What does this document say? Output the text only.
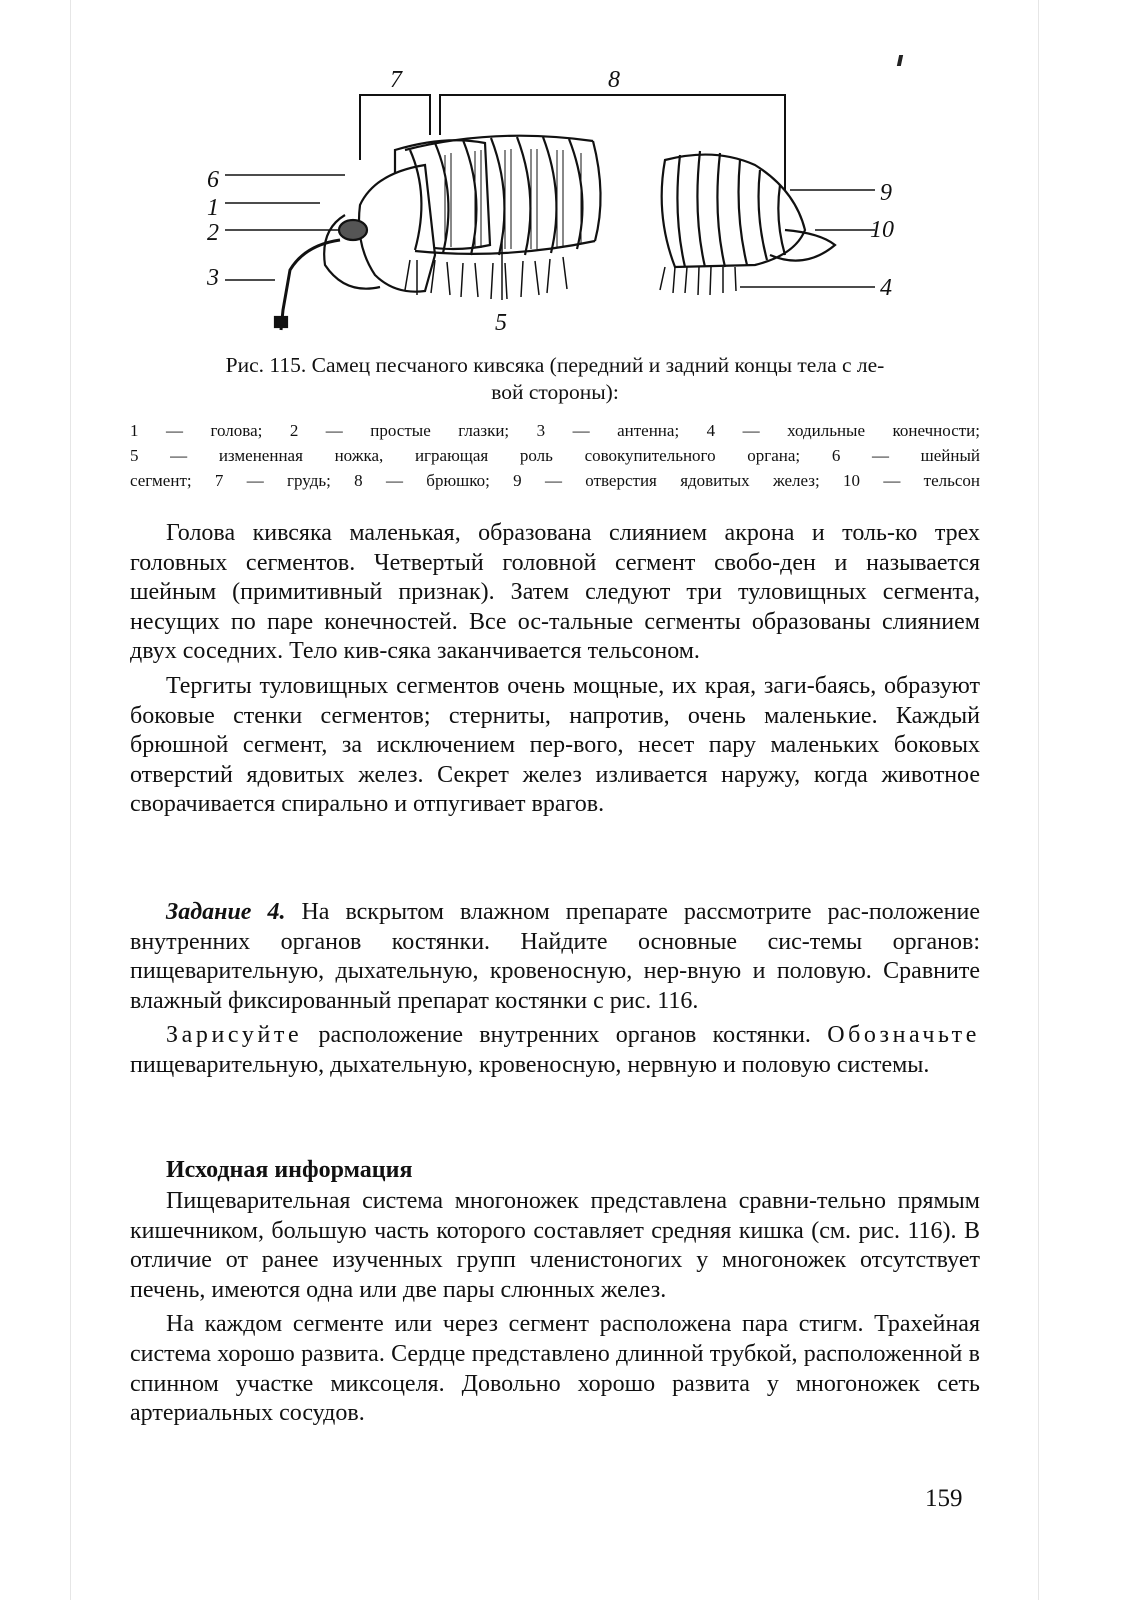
7	8
6
1
2
3
5
9
10
4
Рис. 115. Самец песчаного кивсяка (передний и задний концы тела с ле-
вой стороны):
1 — голова; 2 — простые глазки; 3 — антенна; 4 — ходильные конечности;
5 — измененная ножка, играющая роль совокупительного органа; 6 — шейный
сегмент; 7 — грудь; 8 — брюшко; 9 — отверстия ядовитых желез; 10 — тельсон

Голова кивсяка маленькая, образована слиянием акрона и толь-ко трех головных сегментов. Четвертый головной сегмент свобо-ден и называется шейным (примитивный признак). Затем следуют три туловищных сегмента, несущих по паре конечностей. Все ос-тальные сегменты образованы слиянием двух соседних. Тело кив-сяка заканчивается тельсоном.

Тергиты туловищных сегментов очень мощные, их края, заги-баясь, образуют боковые стенки сегментов; стерниты, напротив, очень маленькие. Каждый брюшной сегмент, за исключением пер-вого, несет пару маленьких боковых отверстий ядовитых желез. Секрет желез изливается наружу, когда животное сворачивается спирально и отпугивает врагов.

Задание 4. На вскрытом влажном препарате рассмотрите рас-положение внутренних органов костянки. Найдите основные сис-темы органов: пищеварительную, дыхательную, кровеносную, нер-вную и половую. Сравните влажный фиксированный препарат костянки с рис. 116.

Зарисуйте расположение внутренних органов костянки. Обозначьте пищеварительную, дыхательную, кровеносную, нервную и половую системы.

Исходная информация

Пищеварительная система многоножек представлена сравни-тельно прямым кишечником, большую часть которого составляет средняя кишка (см. рис. 116). В отличие от ранее изученных групп членистоногих у многоножек отсутствует печень, имеются одна или две пары слюнных желез.

На каждом сегменте или через сегмент расположена пара стигм. Трахейная система хорошо развита. Сердце представлено длинной трубкой, расположенной в спинном участке миксоцеля. Довольно хорошо развита у многоножек сеть артериальных сосудов.

159
